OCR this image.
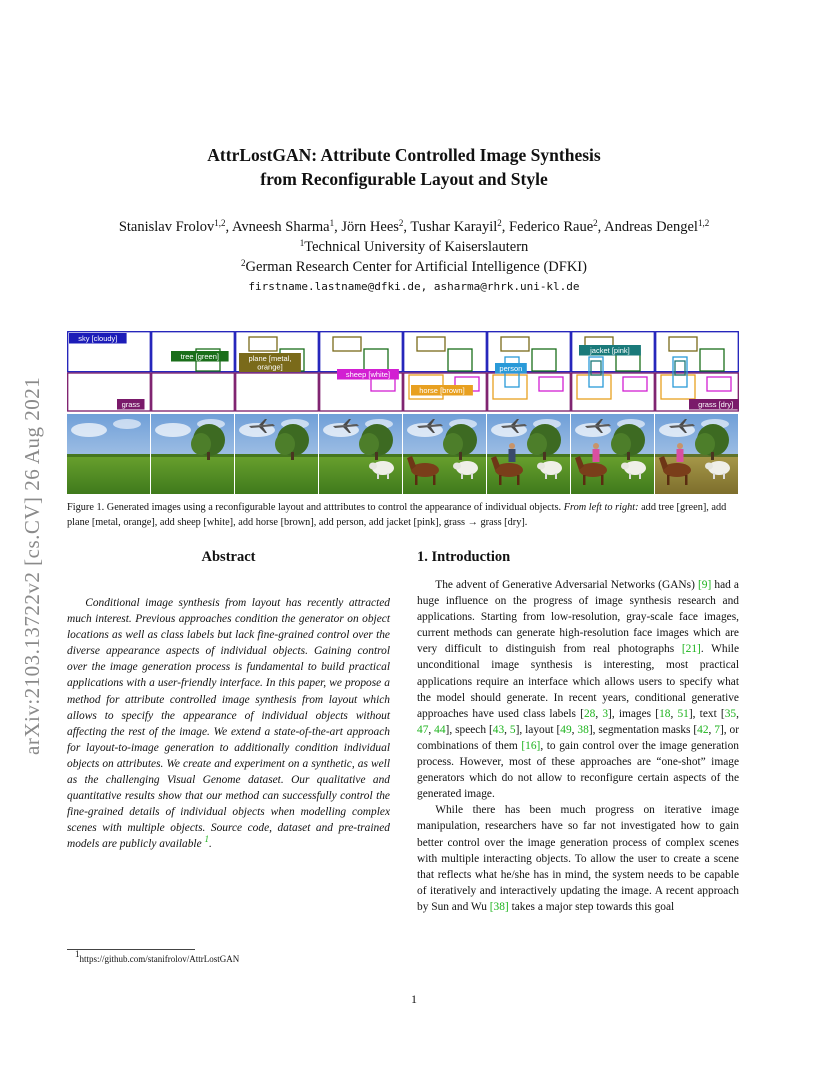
arXiv:2103.13722v2 [cs.CV] 26 Aug 2021
AttrLostGAN: Attribute Controlled Image Synthesis
from Reconfigurable Layout and Style
Stanislav Frolov$^{1,2}$, Avneesh Sharma$^1$, Jörn Hees$^2$, Tushar Karayil$^2$, Federico Raue$^2$, Andreas Dengel$^{1,2}$
$^1$Technical University of Kaiserslautern
$^2$German Research Center for Artificial Intelligence (DFKI)
firstname.lastname@dfki.de, asharma@rhrk.uni-kl.de
sky [cloudy]
grass
tree [green]	plane [metal,
orange]
sheep [white]
horse [brown]
person
jacket [pink]
grass [dry]
Figure 1. Generated images using a reconfigurable layout and atttributes to control the appearance of individual objects. From left to right: add tree [green], add plane [metal, orange], add sheep [white], add horse [brown], add person, add jacket [pink], grass → grass [dry].
Abstract
Conditional image synthesis from layout has recently attracted much interest. Previous approaches condition the generator on object locations as well as class labels but lack fine-grained control over the diverse appearance aspects of individual objects. Gaining control over the image generation process is fundamental to build practical applications with a user-friendly interface. In this paper, we propose a method for attribute controlled image synthesis from layout which allows to specify the appearance of individual objects without affecting the rest of the image. We extend a state-of-the-art approach for layout-to-image generation to additionally condition individual objects on attributes. We create and experiment on a synthetic, as well as the challenging Visual Genome dataset. Our qualitative and quantitative results show that our method can successfully control the fine-grained details of individual objects when modelling complex scenes with multiple objects. Source code, dataset and pre-trained models are publicly available $^1$.
1. Introduction

The advent of Generative Adversarial Networks (GANs) [9] had a huge influence on the progress of image synthesis research and applications. Starting from low-resolution, gray-scale face images, current methods can generate high-resolution face images which are very difficult to distinguish from real photographs [21]. While unconditional image synthesis is interesting, most practical applications require an interface which allows users to specify what the model should generate. In recent years, conditional generative approaches have used class labels [28, 3], images [18, 51], text [35, 47, 44], speech [43, 5], layout [49, 38], segmentation masks [42, 7], or combinations of them [16], to gain control over the image generation process. However, most of these approaches are “one-shot” image generators which do not allow to reconfigure certain aspects of the generated image.

While there has been much progress on iterative image manipulation, researchers have so far not investigated how to gain better control over the image generation process of complex scenes with multiple interacting objects. To allow the user to create a scene that reflects what he/she has in mind, the system needs to be capable of iteratively and interactively updating the image. A recent approach by Sun and Wu [38] takes a major step towards this goal

$^1$https://github.com/stanifrolov/AttrLostGAN
1
